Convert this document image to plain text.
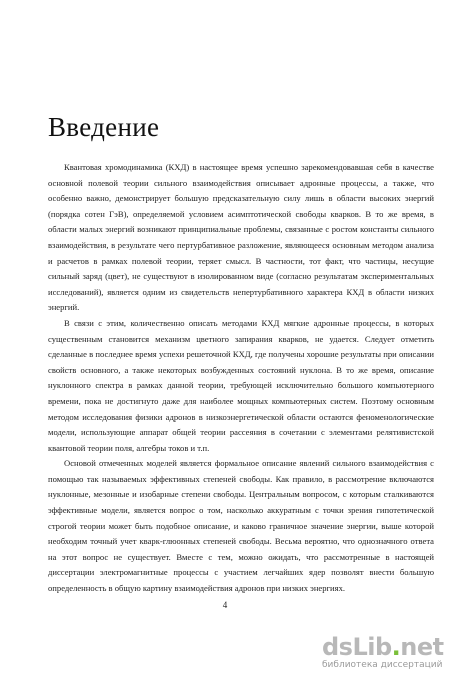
Введение

Квантовая хромодинамика (КХД) в настоящее время успешно зарекомендовавшая себя в качестве основной полевой теории сильного взаимодействия описывает адронные процессы, а также, что особенно важно, демонстрирует большую предсказательную силу лишь в области высоких энергий (порядка сотен ГэВ), определяемой условием асимптотической свободы кварков. В то же время, в области малых энергий возникают принципиальные проблемы, связанные с ростом константы сильного взаимодействия, в результате чего пертурбативное разложение, являющееся основным методом анализа и расчетов в рамках полевой теории, теряет смысл. В частности, тот факт, что частицы, несущие сильный заряд (цвет), не существуют в изолированном виде (согласно результатам экспериментальных исследований), является одним из свидетельств непертурбативного характера КХД в области низких энергий.

В связи с этим, количественно описать методами КХД мягкие адронные процессы, в которых существенным становится механизм цветного запирания кварков, не удается. Следует отметить сделанные в последнее время успехи решеточной КХД, где получены хорошие результаты при описании свойств основного, а также некоторых возбужденных состояний нуклона. В то же время, описание нуклонного спектра в рамках данной теории, требующей исключительно большого компьютерного времени, пока не достигнуто даже для наиболее мощных компьютерных систем. Поэтому основным методом исследования физики адронов в низкоэнергетической области остаются феноменологические модели, использующие аппарат общей теории рассеяния в сочетании с элементами релятивистской квантовой теории поля, алгебры токов и т.п.

Основой отмеченных моделей является формальное описание явлений сильного взаимодействия с помощью так называемых эффективных степеней свободы. Как правило, в рассмотрение включаются нуклонные, мезонные и изобарные степени свободы. Центральным вопросом, с которым сталкиваются эффективные модели, является вопрос о том, насколько аккуратным с точки зрения гипотетической строгой теории может быть подобное описание, и каково граничное значение энергии, выше которой необходим точный учет кварк-глюонных степеней свободы. Весьма вероятно, что однозначного ответа на этот вопрос не существует. Вместе с тем, можно ожидать, что рассмотренные в настоящей диссертации электромагнитные процессы с участием легчайших ядер позволят внести большую определенность в общую картину взаимодействия адронов при низких энергиях.

4
dsLib.net
библиотека диссертаций
